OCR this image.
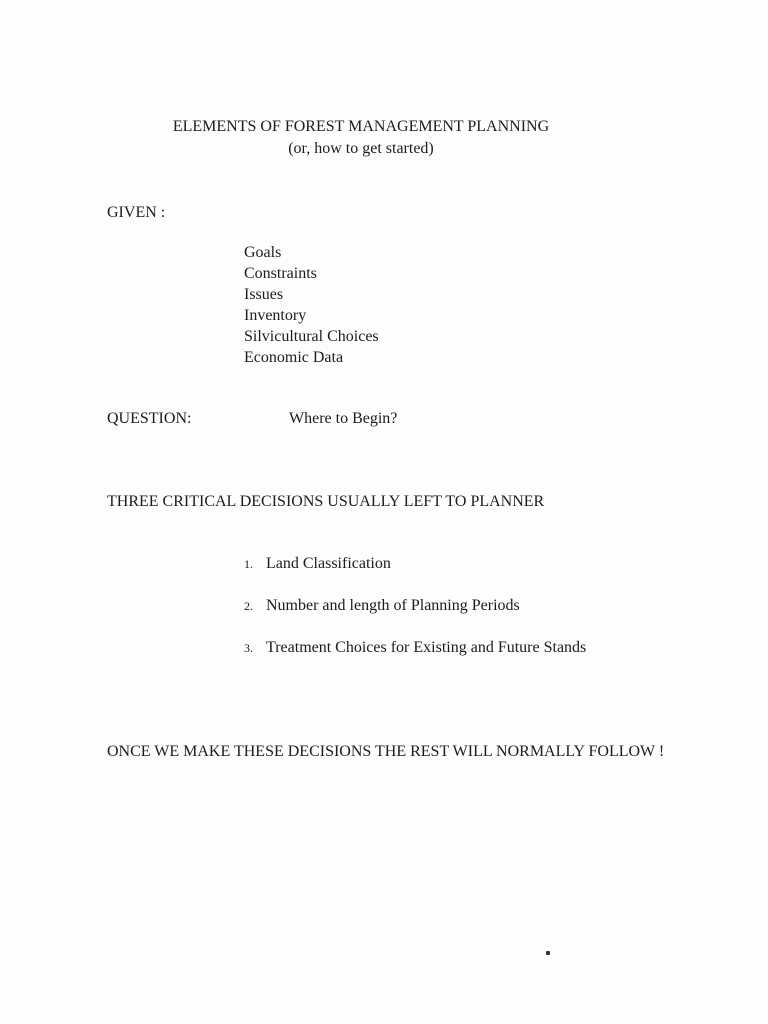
ELEMENTS OF FOREST MANAGEMENT PLANNING
(or, how to get started)
GIVEN :
Goals
Constraints
Issues
Inventory
Silvicultural Choices
Economic Data
QUESTION:	Where to Begin?
THREE CRITICAL DECISIONS USUALLY LEFT TO PLANNER
1. Land Classification
2. Number and length of Planning Periods
3. Treatment Choices for Existing and Future Stands
ONCE WE MAKE THESE DECISIONS THE REST WILL NORMALLY FOLLOW !
